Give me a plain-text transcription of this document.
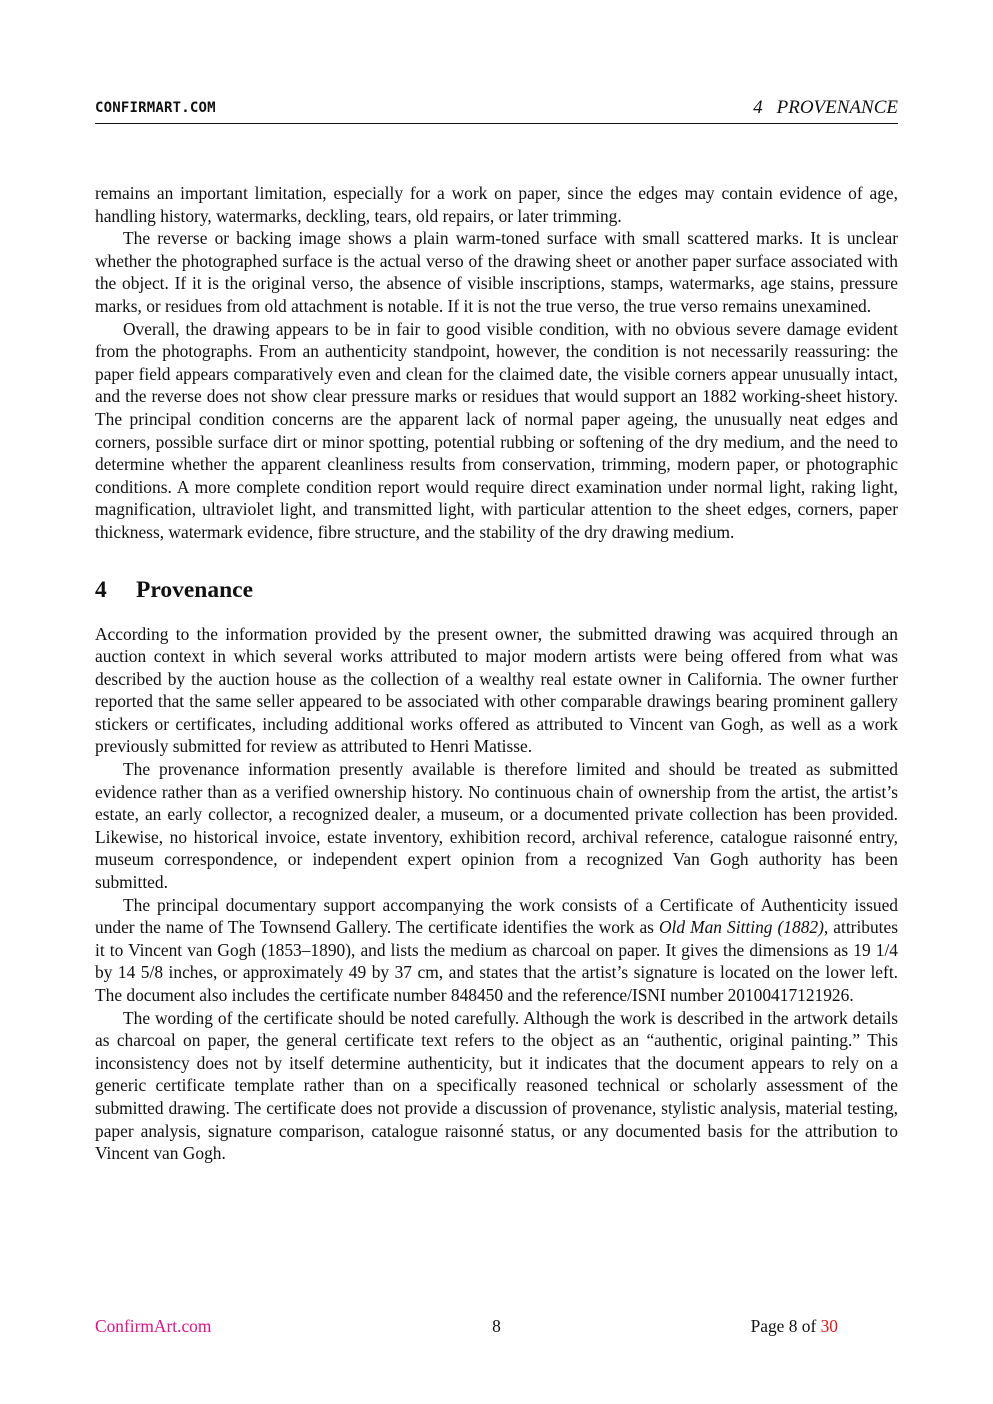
CONFIRMART.COM	4 PROVENANCE

remains an important limitation, especially for a work on paper, since the edges may contain evidence of age, handling history, watermarks, deckling, tears, old repairs, or later trimming.

The reverse or backing image shows a plain warm-toned surface with small scattered marks. It is unclear whether the photographed surface is the actual verso of the drawing sheet or another paper surface associated with the object. If it is the original verso, the absence of visible inscriptions, stamps, watermarks, age stains, pressure marks, or residues from old attachment is notable. If it is not the true verso, the true verso remains unexamined.

Overall, the drawing appears to be in fair to good visible condition, with no obvious severe damage evident from the photographs. From an authenticity standpoint, however, the condition is not necessarily reassuring: the paper field appears comparatively even and clean for the claimed date, the visible corners appear unusually intact, and the reverse does not show clear pressure marks or residues that would support an 1882 working-sheet history. The principal condition concerns are the apparent lack of normal paper ageing, the unusually neat edges and corners, possible surface dirt or minor spotting, potential rubbing or softening of the dry medium, and the need to determine whether the apparent cleanliness results from conservation, trimming, modern paper, or photographic conditions. A more complete condition report would require direct examination under normal light, raking light, magnification, ultraviolet light, and transmitted light, with particular attention to the sheet edges, corners, paper thickness, watermark evidence, fibre structure, and the stability of the dry drawing medium.

4 Provenance

According to the information provided by the present owner, the submitted drawing was acquired through an auction context in which several works attributed to major modern artists were being offered from what was described by the auction house as the collection of a wealthy real estate owner in California. The owner further reported that the same seller appeared to be associated with other comparable drawings bearing prominent gallery stickers or certificates, including additional works offered as attributed to Vincent van Gogh, as well as a work previously submitted for review as attributed to Henri Matisse.

The provenance information presently available is therefore limited and should be treated as submitted evidence rather than as a verified ownership history. No continuous chain of ownership from the artist, the artist’s estate, an early collector, a recognized dealer, a museum, or a documented private collection has been provided. Likewise, no historical invoice, estate inventory, exhibition record, archival reference, catalogue raisonné entry, museum correspondence, or independent expert opinion from a recognized Van Gogh authority has been submitted.

The principal documentary support accompanying the work consists of a Certificate of Authenticity issued under the name of The Townsend Gallery. The certificate identifies the work as Old Man Sitting (1882), attributes it to Vincent van Gogh (1853–1890), and lists the medium as charcoal on paper. It gives the dimensions as 19 1/4 by 14 5/8 inches, or approximately 49 by 37 cm, and states that the artist’s signature is located on the lower left. The document also includes the certificate number 848450 and the reference/ISNI number 20100417121926.

The wording of the certificate should be noted carefully. Although the work is described in the artwork details as charcoal on paper, the general certificate text refers to the object as an “authentic, original painting.” This inconsistency does not by itself determine authenticity, but it indicates that the document appears to rely on a generic certificate template rather than on a specifically reasoned technical or scholarly assessment of the submitted drawing. The certificate does not provide a discussion of provenance, stylistic analysis, material testing, paper analysis, signature comparison, catalogue raisonné status, or any documented basis for the attribution to Vincent van Gogh.

ConfirmArt.com	8	Page 8 of 30
